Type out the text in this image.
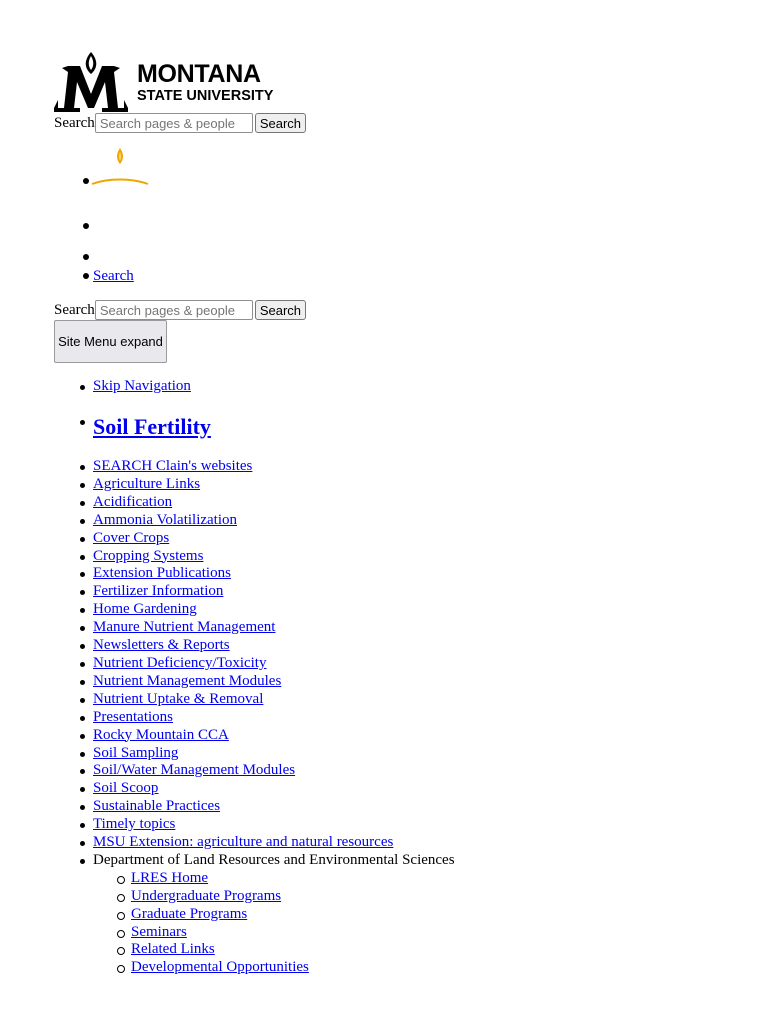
MONTANA
STATE UNIVERSITY
Search Search pages & people	Search
Search
Search Search pages & people	Search
Site Menu expand
Skip Navigation
Soil Fertility
SEARCH Clain's websites
Agriculture Links
Acidification
Ammonia Volatilization
Cover Crops
Cropping Systems
Extension Publications
Fertilizer Information
Home Gardening
Manure Nutrient Management
Newsletters & Reports
Nutrient Deficiency/Toxicity
Nutrient Management Modules
Nutrient Uptake & Removal
Presentations
Rocky Mountain CCA
Soil Sampling
Soil/Water Management Modules
Soil Scoop
Sustainable Practices
Timely topics
MSU Extension: agriculture and natural resources
Department of Land Resources and Environmental Sciences
LRES Home
Undergraduate Programs
Graduate Programs
Seminars
Related Links
Developmental Opportunities
